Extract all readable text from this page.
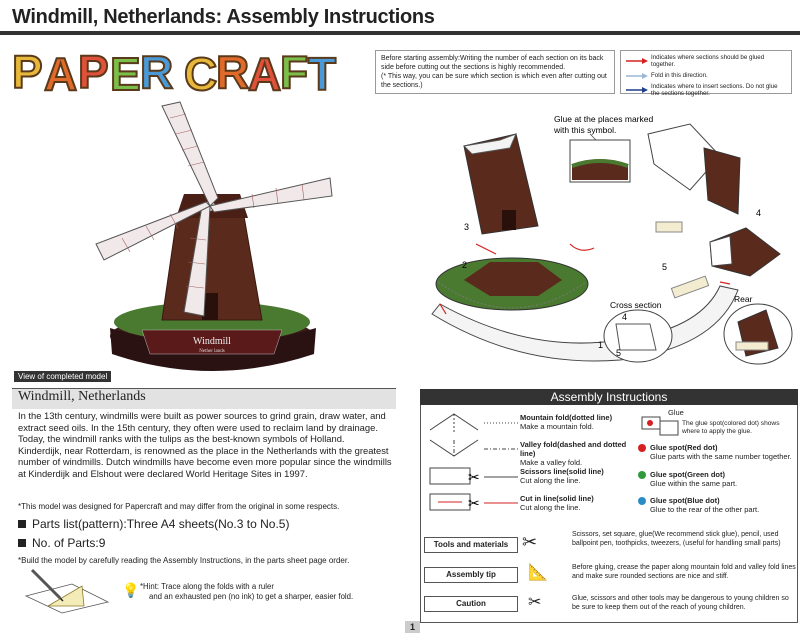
Windmill, Netherlands: Assembly Instructions
P A P E R C
R
A
F T	Before starting assembly:Writing the number of each section on its back side before cutting out the sections is highly recommended.
(* This way, you can be sure which section is which even after cutting out the sections.)
Indicates where sections should be glued together.
Fold in this direction.
Indicates where to insert sections. Do not glue the sections together.
Windmill
Nether lands
View of completed model
Windmill, Netherlands

In the 13th century, windmills were built as power sources to grind grain, draw water, and extract seed oils. In the 15th century, they often were used to reclaim land by drainage. Today, the windmill ranks with the tulips as the best-known symbols of Holland.

Kinderdijk, near Rotterdam, is renowned as the place in the Netherlands with the greatest number of windmills. Dutch windmills have become even more popular since the windmills at Kinderdijk and Elshout were declared World Heritage Sites in 1997.

*This model was designed for Papercraft and may differ from the original in some respects.
Parts list(pattern):Three A4 sheets(No.3 to No.5)
No. of Parts:9
*Build the model by carefully reading the Assembly Instructions, in the parts sheet page order.
💡 *Hint: Trace along the folds with a ruler
and an exhausted pen (no ink) to get a sharper, easier fold.
1
Glue at the places marked
with this symbol.
Cross section
4
5
Rear
1
2
3
4
5
Assembly Instructions
✂
✂
Mountain fold(dotted line)
Make a mountain fold.
Valley fold(dashed and dotted line)
Make a valley fold.
Scissors line(solid line)
Cut along the line.
Cut in line(solid line)
Cut along the line.
Glue
The glue spot(colored dot) shows where to apply the glue.
Glue spot(Red dot)
Glue parts with the same number together.
Glue spot(Green dot)
Glue within the same part.
Glue spot(Blue dot)
Glue to the rear of the other part.
Tools and materials ✂	Scissors, set square, glue(We recommend stick glue), pencil, used ballpoint pen, toothpicks, tweezers, (useful for handling small parts)
Assembly tip	📐	Before gluing, crease the paper along mountain fold and valley fold lines and make sure rounded sections are nice and stiff.
Caution	✂	Glue, scissors and other tools may be dangerous to young children so be sure to keep them out of the reach of young children.
